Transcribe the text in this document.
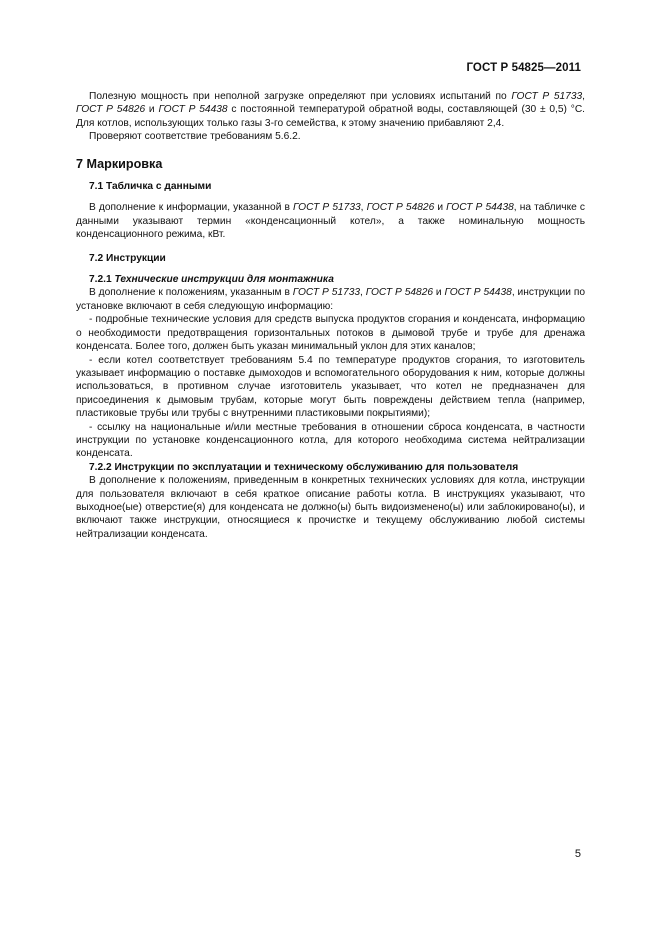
ГОСТ Р 54825—2011

Полезную мощность при неполной загрузке определяют при условиях испытаний по ГОСТ Р 51733, ГОСТ Р 54826 и ГОСТ Р 54438 с постоянной температурой обратной воды, составляющей (30 ± 0,5) °С. Для котлов, использующих только газы 3-го семейства, к этому значению прибавляют 2,4.

Проверяют соответствие требованиям 5.6.2.

7 Маркировка

7.1 Табличка с данными

В дополнение к информации, указанной в ГОСТ Р 51733, ГОСТ Р 54826 и ГОСТ Р 54438, на табличке с данными указывают термин «конденсационный котел», а также номинальную мощность конденсационного режима, кВт.

7.2 Инструкции

7.2.1 Технические инструкции для монтажника

В дополнение к положениям, указанным в ГОСТ Р 51733, ГОСТ Р 54826 и ГОСТ Р 54438, инструкции по установке включают в себя следующую информацию:

- подробные технические условия для средств выпуска продуктов сгорания и конденсата, информацию о необходимости предотвращения горизонтальных потоков в дымовой трубе и трубе для дренажа конденсата. Более того, должен быть указан минимальный уклон для этих каналов;

- если котел соответствует требованиям 5.4 по температуре продуктов сгорания, то изготовитель указывает информацию о поставке дымоходов и вспомогательного оборудования к ним, которые должны использоваться, в противном случае изготовитель указывает, что котел не предназначен для присоединения к дымовым трубам, которые могут быть повреждены действием тепла (например, пластиковые трубы или трубы с внутренними пластиковыми покрытиями);

- ссылку на национальные и/или местные требования в отношении сброса конденсата, в частности инструкции по установке конденсационного котла, для которого необходима система нейтрализации конденсата.

7.2.2 Инструкции по эксплуатации и техническому обслуживанию для пользователя

В дополнение к положениям, приведенным в конкретных технических условиях для котла, инструкции для пользователя включают в себя краткое описание работы котла. В инструкциях указывают, что выходное(ые) отверстие(я) для конденсата не должно(ы) быть видоизменено(ы) или заблокировано(ы), и включают также инструкции, относящиеся к прочистке и текущему обслуживанию любой системы нейтрализации конденсата.

5
